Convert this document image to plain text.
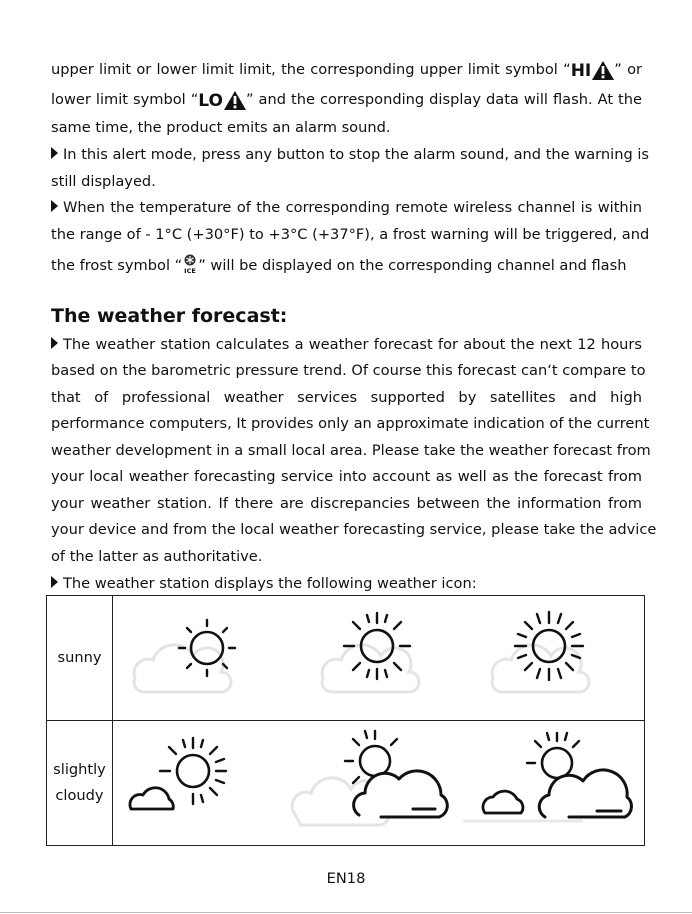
upper limit or lower limit limit, the corresponding upper limit symbol “ HI ” or
lower limit symbol “ LO ” and the corresponding display data will flash. At the
same time, the product emits an alarm sound.
In this alert mode, press any button to stop the alarm sound, and the warning is
still displayed.
When the temperature of the corresponding remote wireless channel is within
the range of - 1°C (+30°F) to +3°C (+37°F), a frost warning will be triggered, and
the frost symbol “ ICE ” will be displayed on the corresponding channel and flash
The weather forecast:
The weather station calculates a weather forecast for about the next 12 hours
based on the barometric pressure trend. Of course this forecast can‘t compare to
that of professional weather services supported by satellites and high
performance computers, It provides only an approximate indication of the current
weather development in a small local area. Please take the weather forecast from
your local weather forecasting service into account as well as the forecast from
your weather station. If there are discrepancies between the information from
your device and from the local weather forecasting service, please take the advice
of the latter as authoritative.
The weather station displays the following weather icon:
sunny

slightly
cloudy

EN18
